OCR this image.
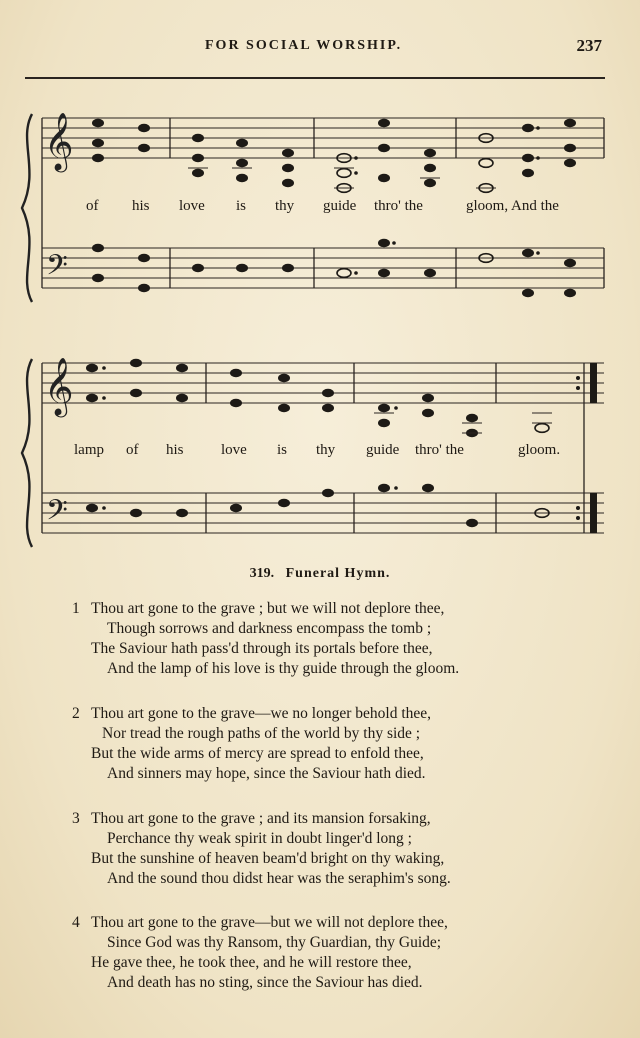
FOR SOCIAL WORSHIP.	237
𝄞
𝄢
of his love is thy guide thro' the	gloom, And the
𝄞
𝄢
lamp of his love is thy guide thro' the	gloom.
319. Funeral Hymn.
1 Thou art gone to the grave ; but we will not deplore thee,
Though sorrows and darkness encompass the tomb ;
The Saviour hath pass'd through its portals before thee,
And the lamp of his love is thy guide through the gloom.
2 Thou art gone to the grave—we no longer behold thee,
Nor tread the rough paths of the world by thy side ;
But the wide arms of mercy are spread to enfold thee,
And sinners may hope, since the Saviour hath died.
3 Thou art gone to the grave ; and its mansion forsaking,
Perchance thy weak spirit in doubt linger'd long ;
But the sunshine of heaven beam'd bright on thy waking,
And the sound thou didst hear was the seraphim's song.
4 Thou art gone to the grave—but we will not deplore thee,
Since God was thy Ransom, thy Guardian, thy Guide;
He gave thee, he took thee, and he will restore thee,
And death has no sting, since the Saviour has died.
